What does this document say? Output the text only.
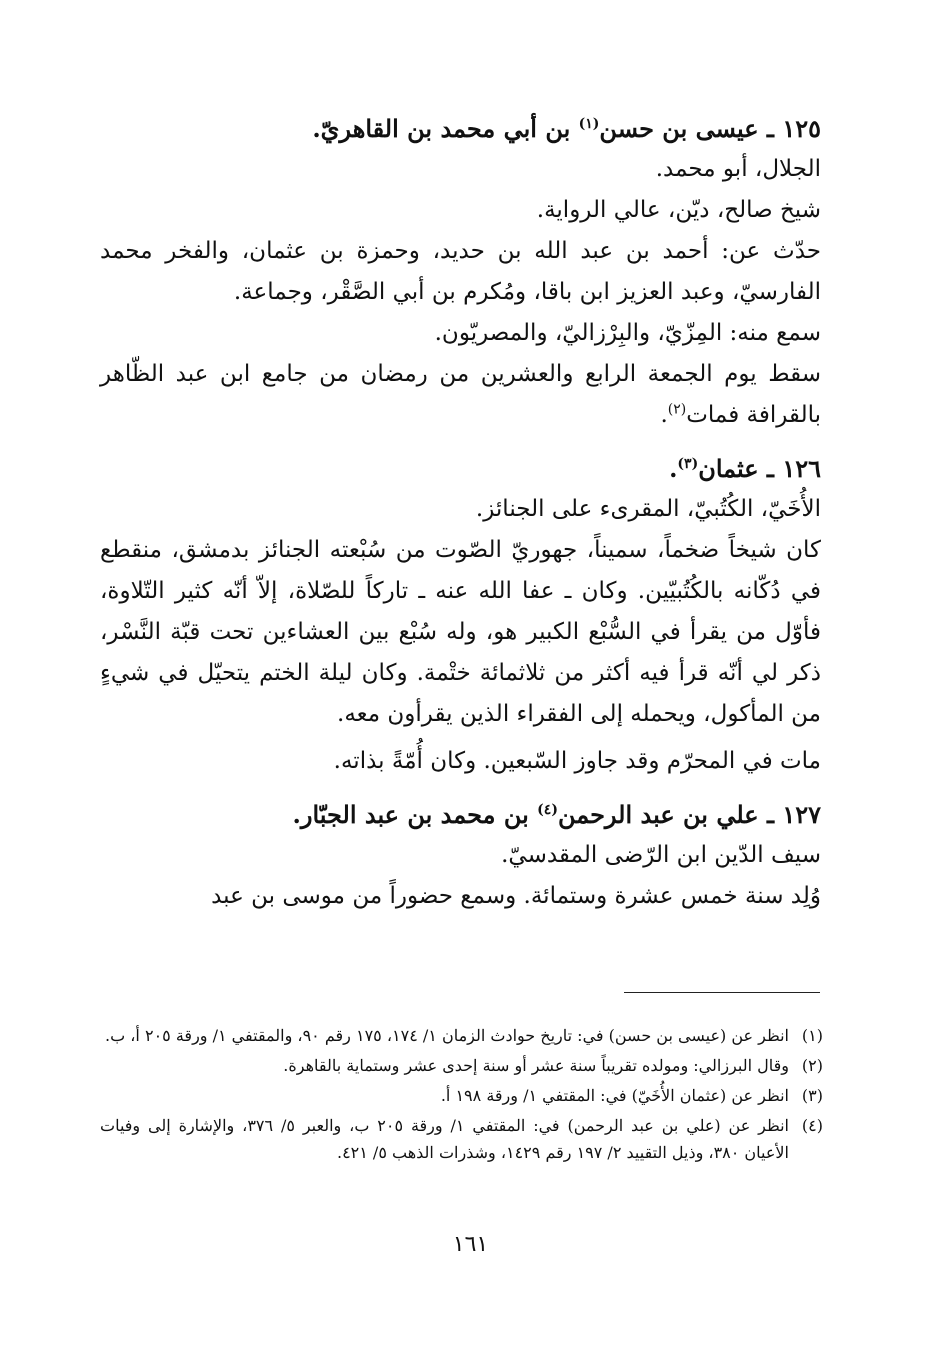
١٢٥ ـ عيسى بن حسن$^{(١)}$ بن أبي محمد بن القاهريّ.

الجلال، أبو محمد.

شيخ صالح، ديّن، عالي الرواية.

حدّث عن: أحمد بن عبد الله بن حديد، وحمزة بن عثمان، والفخر محمد الفارسيّ، وعبد العزيز ابن باقا، ومُكرم بن أبي الصَّقْر، وجماعة.

سمع منه: المِزّيّ، والبِرْزاليّ، والمصريّون.

سقط يوم الجمعة الرابع والعشرين من رمضان من جامع ابن عبد الظّاهر بالقرافة فمات$^{(٢)}$.

١٢٦ ـ عثمان$^{(٣)}$.

الأُخَيّ، الكُتُبيّ، المقرىء على الجنائز.

كان شيخاً ضخماً، سميناً، جهوريّ الصّوت من سُبْعته الجنائز بدمشق، منقطع في دُكّانه بالكُتُبيّين. وكان ـ عفا الله عنه ـ تاركاً للصّلاة، إلاّ أنّه كثير التّلاوة، فأوّل من يقرأ في السُّبْع الكبير هو، وله سُبْع بين العشاءين تحت قبّة النَّسْر، ذكر لي أنّه قرأ فيه أكثر من ثلاثمائة ختْمة. وكان ليلة الختم يتحيّل في شيءٍ من المأكول، ويحمله إلى الفقراء الذين يقرأون معه.

مات في المحرّم وقد جاوز السّبعين. وكان أُمّةً بذاته.

١٢٧ ـ علي بن عبد الرحمن$^{(٤)}$ بن محمد بن عبد الجبّار.

سيف الدّين ابن الرّضى المقدسيّ.

وُلِد سنة خمس عشرة وستمائة. وسمع حضوراً من موسى بن عبد

(١)
انظر عن (عيسى بن حسن) في: تاريخ حوادث الزمان ١/ ١٧٤، ١٧٥ رقم ٩٠، والمقتفي ١/ ورقة ٢٠٥ أ، ب.
(٢)
وقال البرزالي: ومولده تقريباً سنة عشر أو سنة إحدى عشر وستماية بالقاهرة.
(٣)
انظر عن (عثمان الأُخَيّ) في: المقتفي ١/ ورقة ١٩٨ أ.
(٤)
انظر عن (علي بن عبد الرحمن) في: المقتفي ١/ ورقة ٢٠٥ ب، والعبر ٥/ ٣٧٦، والإشارة إلى وفيات الأعيان ٣٨٠، وذيل التقييد ٢/ ١٩٧ رقم ١٤٢٩، وشذرات الذهب ٥/ ٤٢١.
١٦١
